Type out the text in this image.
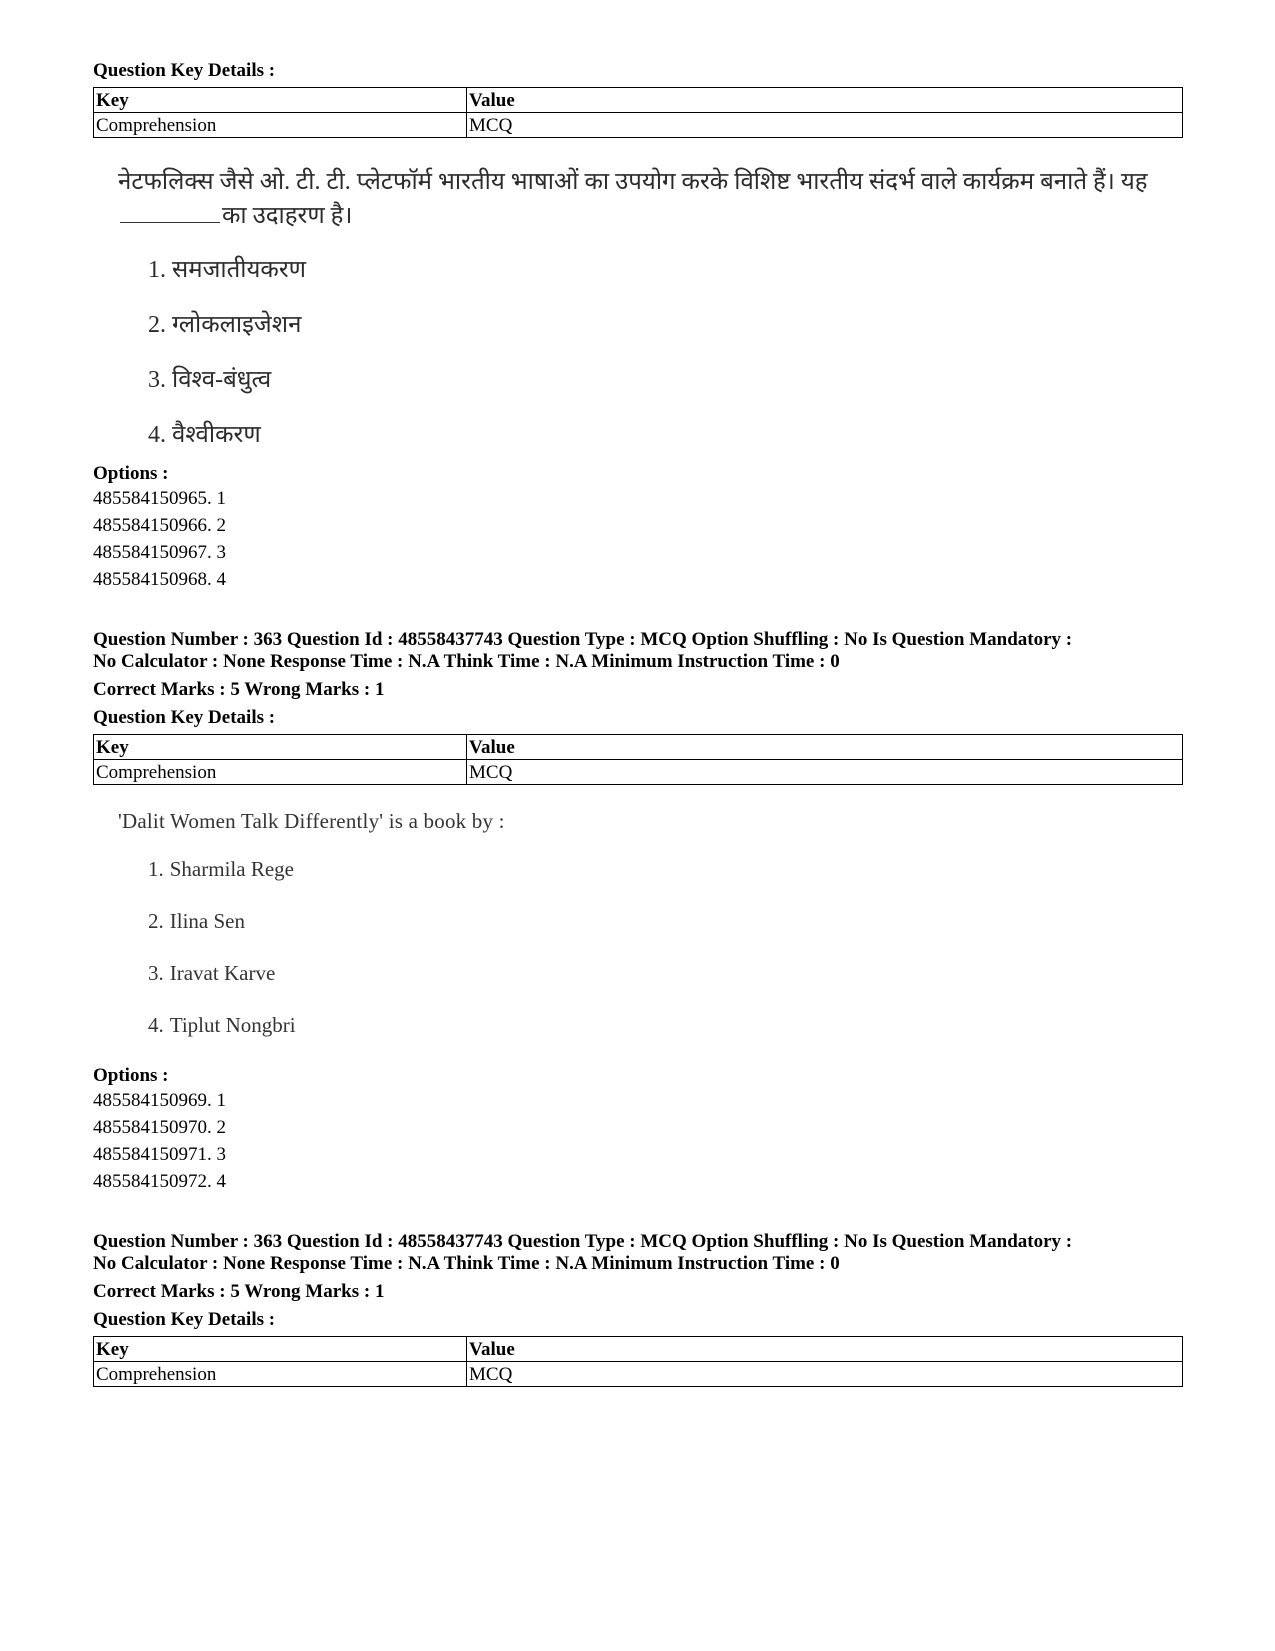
Question Key Details :

Key	Value
Comprehension	MCQ

नेटफलिक्स जैसे ओ. टी. टी. प्लेटफॉर्म भारतीय भाषाओं का उपयोग करके विशिष्ट भारतीय संदर्भ वाले कार्यक्रम बनाते हैं। यह का उदाहरण है।

1. समजातीयकरण
2. ग्लोकलाइजेशन
3. विश्व-बंधुत्व
4. वैश्वीकरण

Options :

485584150965. 1

485584150966. 2

485584150967. 3

485584150968. 4

Question Number : 363 Question Id : 48558437743 Question Type : MCQ Option Shuffling : No Is Question Mandatory :

No Calculator : None Response Time : N.A Think Time : N.A Minimum Instruction Time : 0

Correct Marks : 5 Wrong Marks : 1

Question Key Details :

Key	Value
Comprehension	MCQ

'Dalit Women Talk Differently' is a book by :

1. Sharmila Rege
2. Ilina Sen
3. Iravat Karve
4. Tiplut Nongbri

Options :

485584150969. 1

485584150970. 2

485584150971. 3

485584150972. 4

Question Number : 363 Question Id : 48558437743 Question Type : MCQ Option Shuffling : No Is Question Mandatory :

No Calculator : None Response Time : N.A Think Time : N.A Minimum Instruction Time : 0

Correct Marks : 5 Wrong Marks : 1

Question Key Details :

Key	Value
Comprehension	MCQ
